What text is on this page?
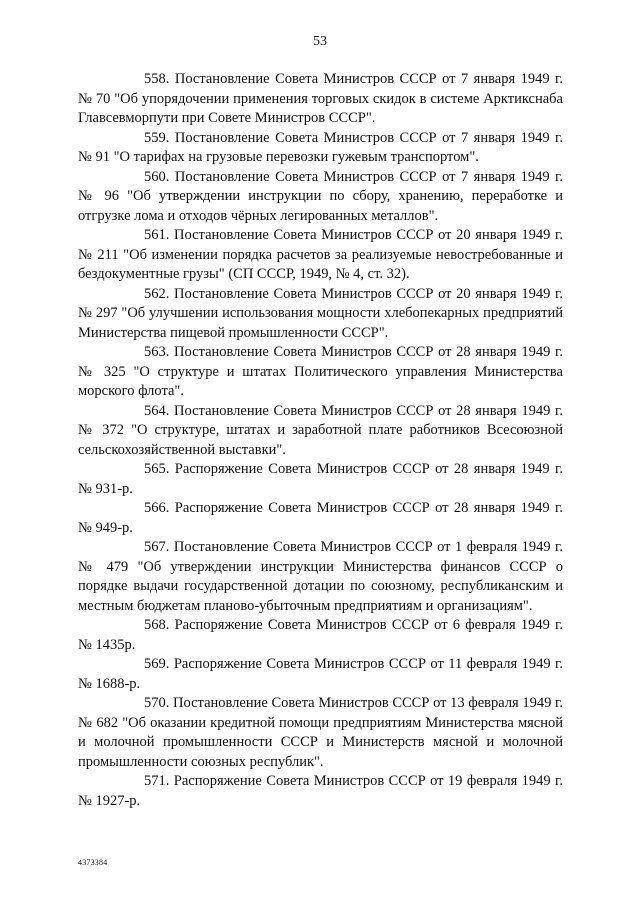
53

558. Постановление Совета Министров СССР от 7 января 1949 г. № 70 "Об упорядочении применения торговых скидок в системе Арктикснаба Главсевморпути при Совете Министров СССР".

559. Постановление Совета Министров СССР от 7 января 1949 г. № 91 "О тарифах на грузовые перевозки гужевым транспортом".

560. Постановление Совета Министров СССР от 7 января 1949 г. № 96 "Об утверждении инструкции по сбору, хранению, переработке и отгрузке лома и отходов чёрных легированных металлов".

561. Постановление Совета Министров СССР от 20 января 1949 г. № 211 "Об изменении порядка расчетов за реализуемые невостребованные и бездокументные грузы" (СП СССР, 1949, № 4, ст. 32).

562. Постановление Совета Министров СССР от 20 января 1949 г. № 297 "Об улучшении использования мощности хлебопекарных предприятий Министерства пищевой промышленности СССР".

563. Постановление Совета Министров СССР от 28 января 1949 г. № 325 "О структуре и штатах Политического управления Министерства морского флота".

564. Постановление Совета Министров СССР от 28 января 1949 г. № 372 "О структуре, штатах и заработной плате работников Всесоюзной сельскохозяйственной выставки".

565. Распоряжение Совета Министров СССР от 28 января 1949 г. № 931-р.

566. Распоряжение Совета Министров СССР от 28 января 1949 г. № 949-р.

567. Постановление Совета Министров СССР от 1 февраля 1949 г. № 479 "Об утверждении инструкции Министерства финансов СССР о порядке выдачи государственной дотации по союзному, республиканским и местным бюджетам планово-убыточным предприятиям и организациям".

568. Распоряжение Совета Министров СССР от 6 февраля 1949 г. № 1435р.

569. Распоряжение Совета Министров СССР от 11 февраля 1949 г. № 1688-р.

570. Постановление Совета Министров СССР от 13 февраля 1949 г. № 682 "Об оказании кредитной помощи предприятиям Министерства мясной и молочной промышленности СССР и Министерств мясной и молочной промышленности союзных республик".

571. Распоряжение Совета Министров СССР от 19 февраля 1949 г. № 1927-р.

4373384
